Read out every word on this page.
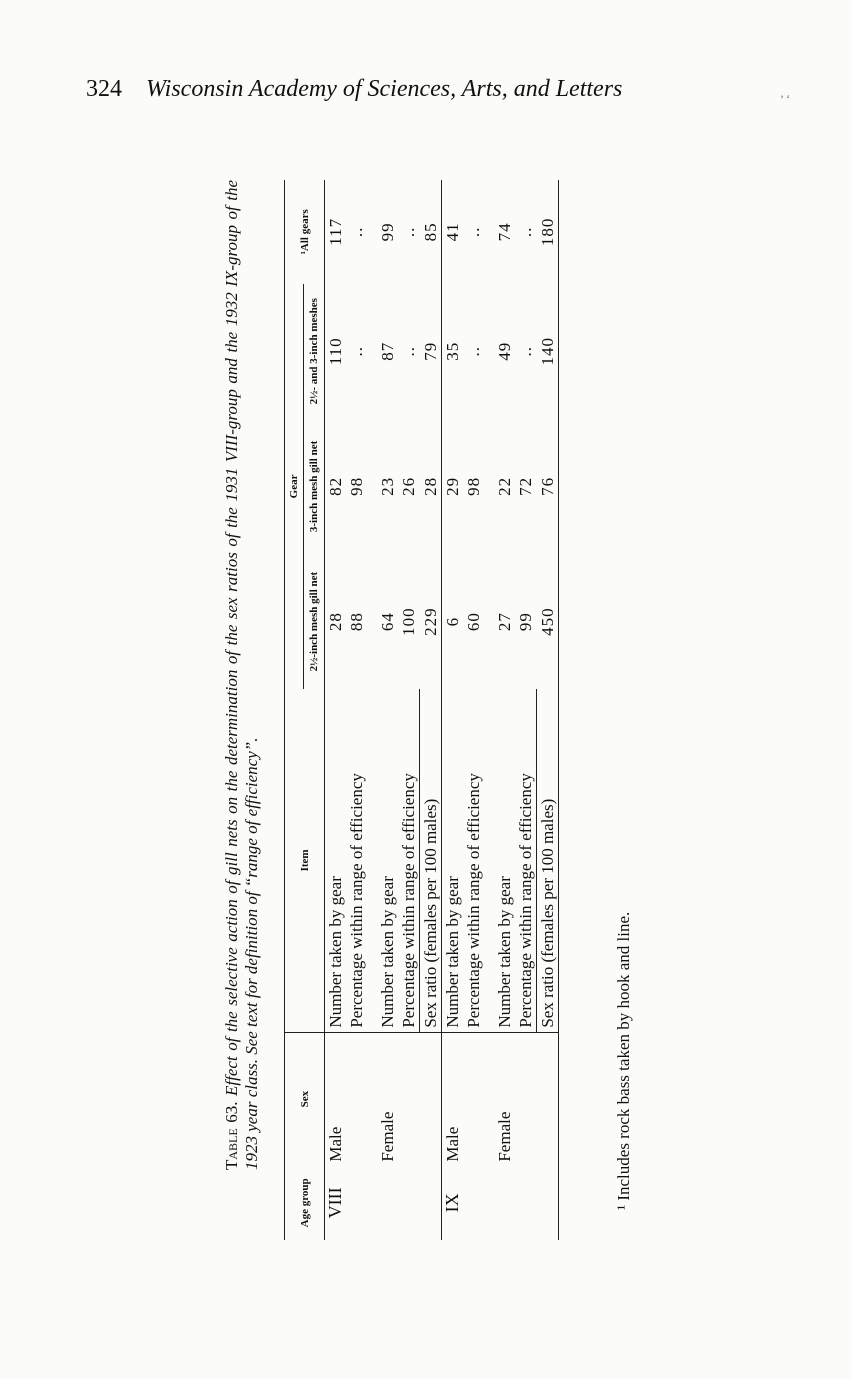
324 Wisconsin Academy of Sciences, Arts, and Letters	’ ‘
Table 63. Effect of the selective action of gill nets on the determination of the sex ratios of the 1931 VIII-group and the 1932 IX-group of the 1923 year class. See text for definition of “range of efficiency”.
Age group	Sex	Item	Gear			¹All gears
			2½-inch mesh gill net	3-inch mesh gill net	2½- and 3-inch meshes	
VIII	Male	Number taken by gear	28	82	110	117
		Percentage within range of efficiency	88	98	..	..

	Female	Number taken by gear	64	23	87	99
		Percentage within range of efficiency	100	26	..	..
		Sex ratio (females per 100 males)	229	28	79	85
IX	Male	Number taken by gear	6	29	35	41
		Percentage within range of efficiency	60	98	..	..

	Female	Number taken by gear	27	22	49	74
		Percentage within range of efficiency	99	72	..	..
		Sex ratio (females per 100 males)	450	76	140	180
¹ Includes rock bass taken by hook and line.
